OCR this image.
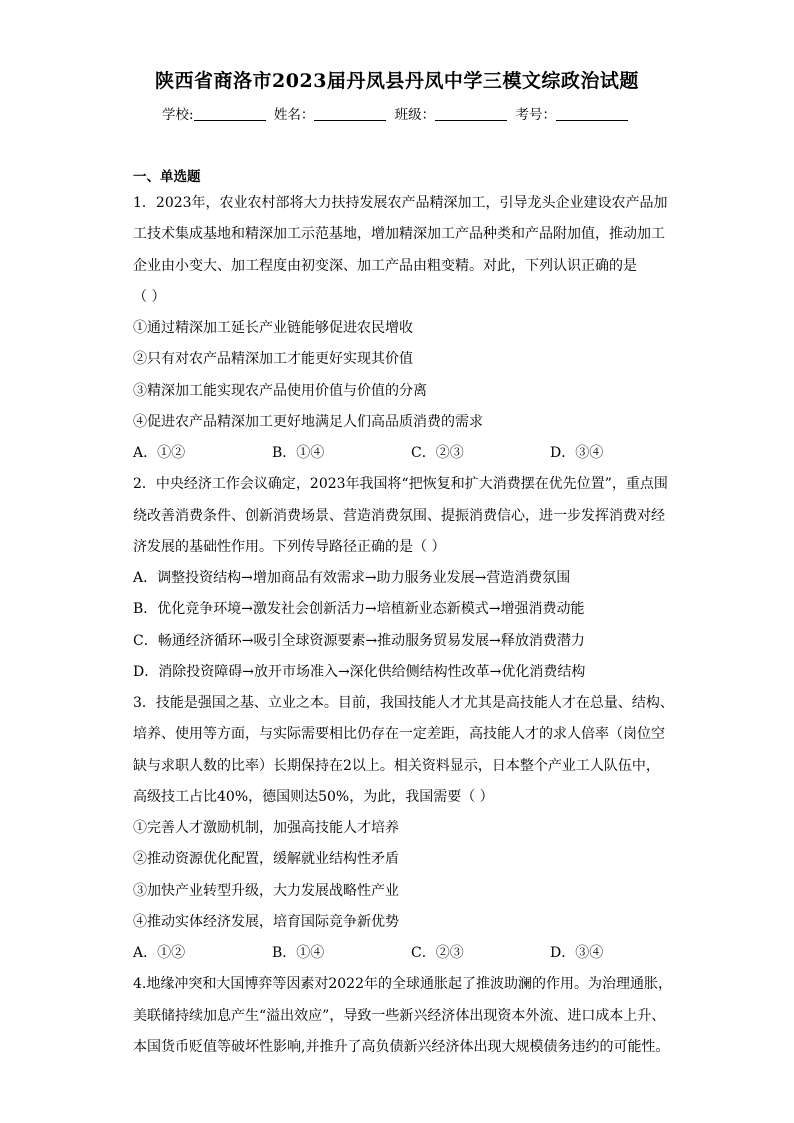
陕西省商洛市2023届丹凤县丹凤中学三模文综政治试题
学校:	姓名：	班级：	考号：
一、单选题
1．2023年，农业农村部将大力扶持发展农产品精深加工，引导龙头企业建设农产品加
工技术集成基地和精深加工示范基地，增加精深加工产品种类和产品附加值，推动加工
企业由小变大、加工程度由初变深、加工产品由粗变精。对此，下列认识正确的是
（ ）
①通过精深加工延长产业链能够促进农民增收
②只有对农产品精深加工才能更好实现其价值
③精深加工能实现农产品使用价值与价值的分离
④促进农产品精深加工更好地满足人们高品质消费的需求
A．①②	B．①④	C．②③	D．③④
2．中央经济工作会议确定，2023年我国将“把恢复和扩大消费摆在优先位置”，重点围
绕改善消费条件、创新消费场景、营造消费氛围、提振消费信心，进一步发挥消费对经
济发展的基础性作用。下列传导路径正确的是（ ）
A．调整投资结构→增加商品有效需求→助力服务业发展→营造消费氛围
B．优化竞争环境→激发社会创新活力→培植新业态新模式→增强消费动能
C．畅通经济循环→吸引全球资源要素→推动服务贸易发展→释放消费潜力
D．消除投资障碍→放开市场准入→深化供给侧结构性改革→优化消费结构
3．技能是强国之基、立业之本。目前，我国技能人才尤其是高技能人才在总量、结构、
培养、使用等方面，与实际需要相比仍存在一定差距，高技能人才的求人倍率（岗位空
缺与求职人数的比率）长期保持在2以上。相关资料显示，日本整个产业工人队伍中，
高级技工占比40%，德国则达50%，为此，我国需要（ ）
①完善人才激励机制，加强高技能人才培养
②推动资源优化配置，缓解就业结构性矛盾
③加快产业转型升级，大力发展战略性产业
④推动实体经济发展，培育国际竞争新优势
A．①②	B．①④	C．②③	D．③④
4.地缘冲突和大国博弈等因素对2022年的全球通胀起了推波助澜的作用。为治理通胀，
美联储持续加息产生“溢出效应”，导致一些新兴经济体出现资本外流、进口成本上升、
本国货币贬值等破坏性影响,并推升了高负债新兴经济体出现大规模债务违约的可能性。
